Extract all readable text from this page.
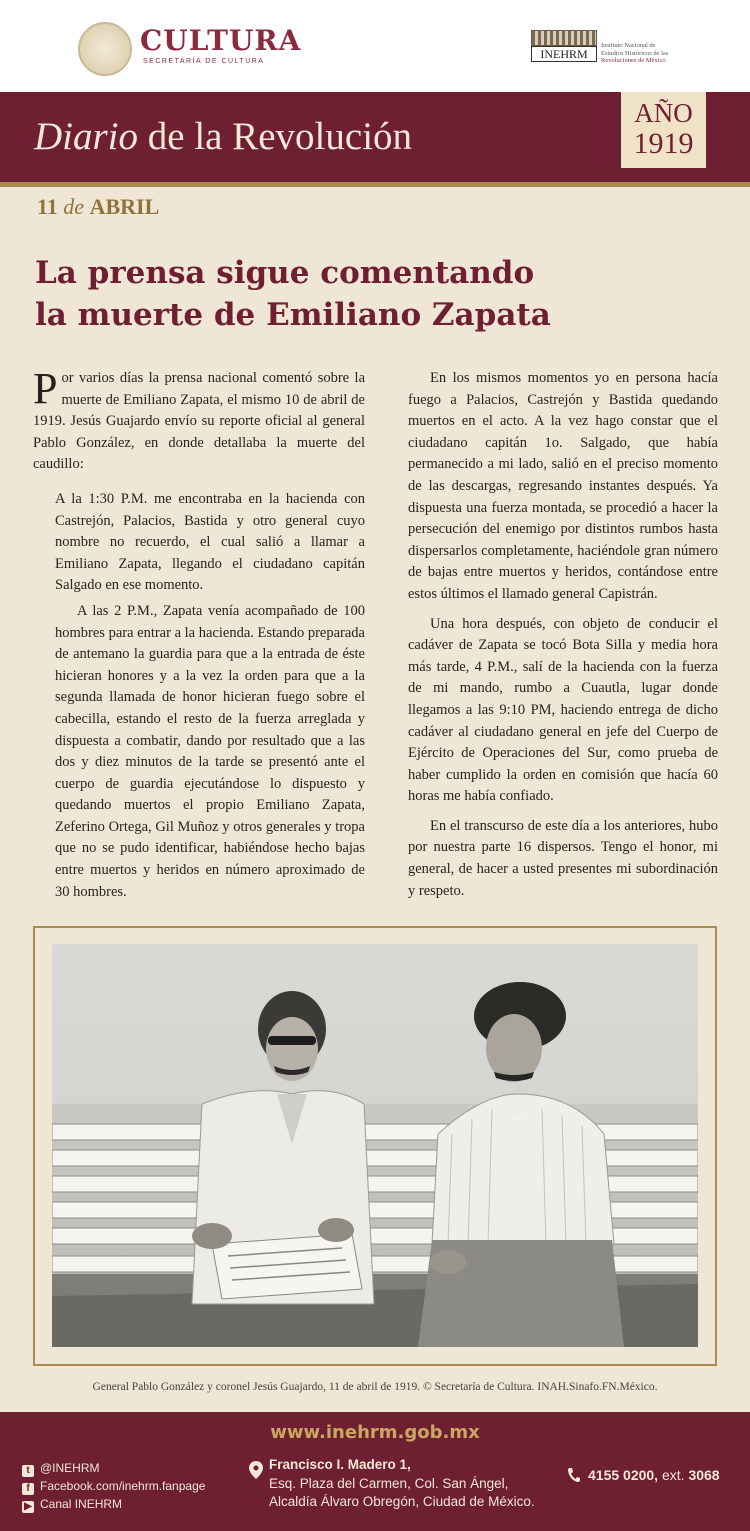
CULTURA
SECRETARÍA DE CULTURA
INEHRM
Instituto Nacional de
Estudios Históricos de las
Revoluciones de México
Diario de la Revolución
AÑO
1919
11 de ABRIL
La prensa sigue comentando
la muerte de Emiliano Zapata

Por varios días la prensa nacional comentó sobre la muerte de Emiliano Zapata, el mismo 10 de abril de 1919. Jesús Guajardo envío su reporte oficial al general Pablo González, en donde detallaba la muerte del caudillo:

A la 1:30 P.M. me encontraba en la hacienda con Castrejón, Palacios, Bastida y otro general cuyo nombre no recuerdo, el cual salió a llamar a Emiliano Zapata, llegando el ciudadano capitán Salgado en ese momento.

A las 2 P.M., Zapata venía acompañado de 100 hombres para entrar a la hacienda. Estando preparada de antemano la guardia para que a la entrada de éste hicieran honores y a la vez la orden para que a la segunda llamada de honor hicieran fuego sobre el cabecilla, estando el resto de la fuerza arreglada y dispuesta a combatir, dando por resultado que a las dos y diez minutos de la tarde se presentó ante el cuerpo de guardia ejecutándose lo dispuesto y quedando muertos el propio Emiliano Zapata, Zeferino Ortega, Gil Muñoz y otros generales y tropa que no se pudo identificar, habiéndose hecho bajas entre muertos y heridos en número aproximado de 30 hombres.

En los mismos momentos yo en persona hacía fuego a Palacios, Castrejón y Bastida quedando muertos en el acto. A la vez hago constar que el ciudadano capitán 1o. Salgado, que había permanecido a mi lado, salió en el preciso momento de las descargas, regresando instantes después. Ya dispuesta una fuerza montada, se procedió a hacer la persecución del enemigo por distintos rumbos hasta dispersarlos completamente, haciéndole gran número de bajas entre muertos y heridos, contándose entre estos últimos el llamado general Capistrán.

Una hora después, con objeto de conducir el cadáver de Zapata se tocó Bota Silla y media hora más tarde, 4 P.M., salí de la hacienda con la fuerza de mi mando, rumbo a Cuautla, lugar donde llegamos a las 9:10 PM, haciendo entrega de dicho cadáver al ciudadano general en jefe del Cuerpo de Ejército de Operaciones del Sur, como prueba de haber cumplido la orden en comisión que hacía 60 horas me había confiado.

En el transcurso de este día a los anteriores, hubo por nuestra parte 16 dispersos. Tengo el honor, mi general, de hacer a usted presentes mi subordinación y respeto.

General Pablo González y coronel Jesús Guajardo, 11 de abril de 1919. © Secretaría de Cultura. INAH.Sinafo.FN.México.
www.inehrm.gob.mx
t @INEHRM
f Facebook.com/inehrm.fanpage
▶ Canal INEHRM
Francisco I. Madero 1,
Esq. Plaza del Carmen, Col. San Ángel,
Alcaldía Álvaro Obregón, Ciudad de México.
4155 0200, ext. 3068
